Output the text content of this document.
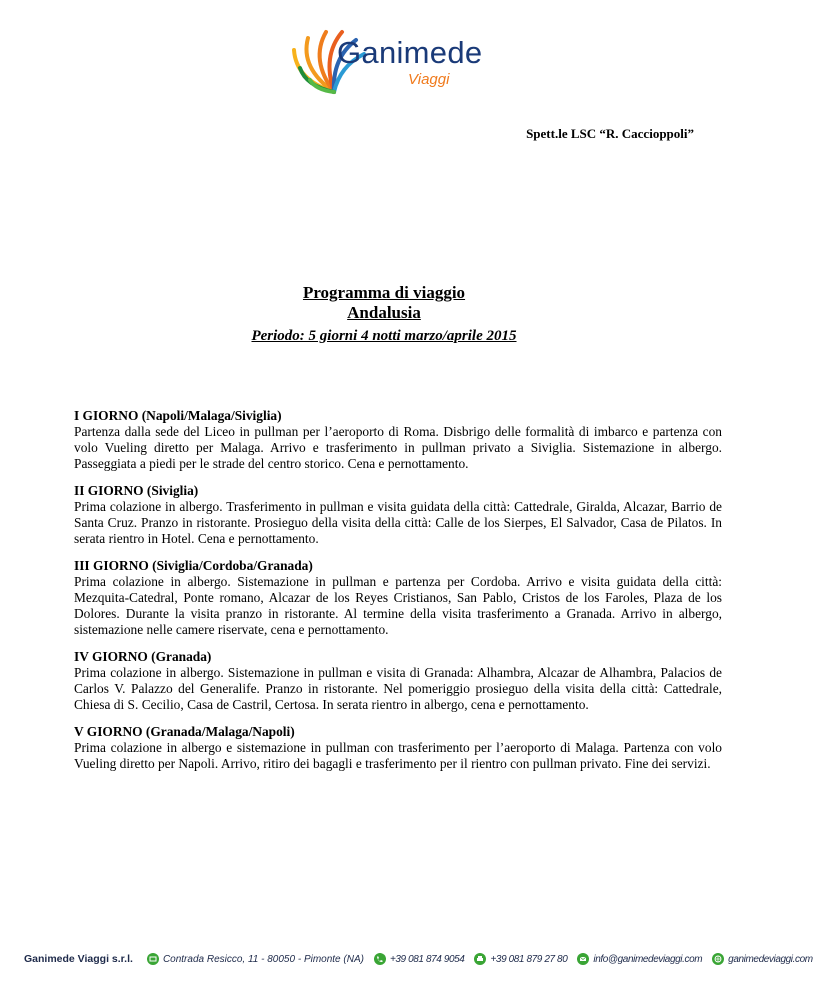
Ganimede
Viaggi
Spett.le LSC “R. Caccioppoli”
Programma di viaggio
Andalusia
Periodo: 5 giorni 4 notti marzo/aprile 2015
I GIORNO (Napoli/Malaga/Siviglia)
Partenza dalla sede del Liceo in pullman per l’aeroporto di Roma. Disbrigo delle formalità di imbarco e partenza con volo Vueling diretto per Malaga. Arrivo e trasferimento in pullman privato a Siviglia. Sistemazione in albergo. Passeggiata a piedi per le strade del centro storico. Cena e pernottamento.
II GIORNO (Siviglia)
Prima colazione in albergo. Trasferimento in pullman e visita guidata della città: Cattedrale, Giralda, Alcazar, Barrio de Santa Cruz. Pranzo in ristorante. Prosieguo della visita della città: Calle de los Sierpes, El Salvador, Casa de Pilatos. In serata rientro in Hotel. Cena e pernottamento.
III GIORNO (Siviglia/Cordoba/Granada)
Prima colazione in albergo. Sistemazione in pullman e partenza per Cordoba. Arrivo e visita guidata della città: Mezquita-Catedral, Ponte romano, Alcazar de los Reyes Cristianos, San Pablo, Cristos de los Faroles, Plaza de los Dolores. Durante la visita pranzo in ristorante. Al termine della visita trasferimento a Granada. Arrivo in albergo, sistemazione nelle camere riservate, cena e pernottamento.
IV GIORNO (Granada)
Prima colazione in albergo. Sistemazione in pullman e visita di Granada: Alhambra, Alcazar de Alhambra, Palacios de Carlos V. Palazzo del Generalife. Pranzo in ristorante. Nel pomeriggio prosieguo della visita della città: Cattedrale, Chiesa di S. Cecilio, Casa de Castril, Certosa. In serata rientro in albergo, cena e pernottamento.
V GIORNO (Granada/Malaga/Napoli)
Prima colazione in albergo e sistemazione in pullman con trasferimento per l’aeroporto di Malaga. Partenza con volo Vueling diretto per Napoli. Arrivo, ritiro dei bagagli e trasferimento per il rientro con pullman privato. Fine dei servizi.
Ganimede Viaggi s.r.l.	Contrada Resicco, 11 - 80050 - Pimonte (NA)	+39 081 874 9054	+39 081 879 27 80	info@ganimedeviaggi.com	ganimedeviaggi.com
